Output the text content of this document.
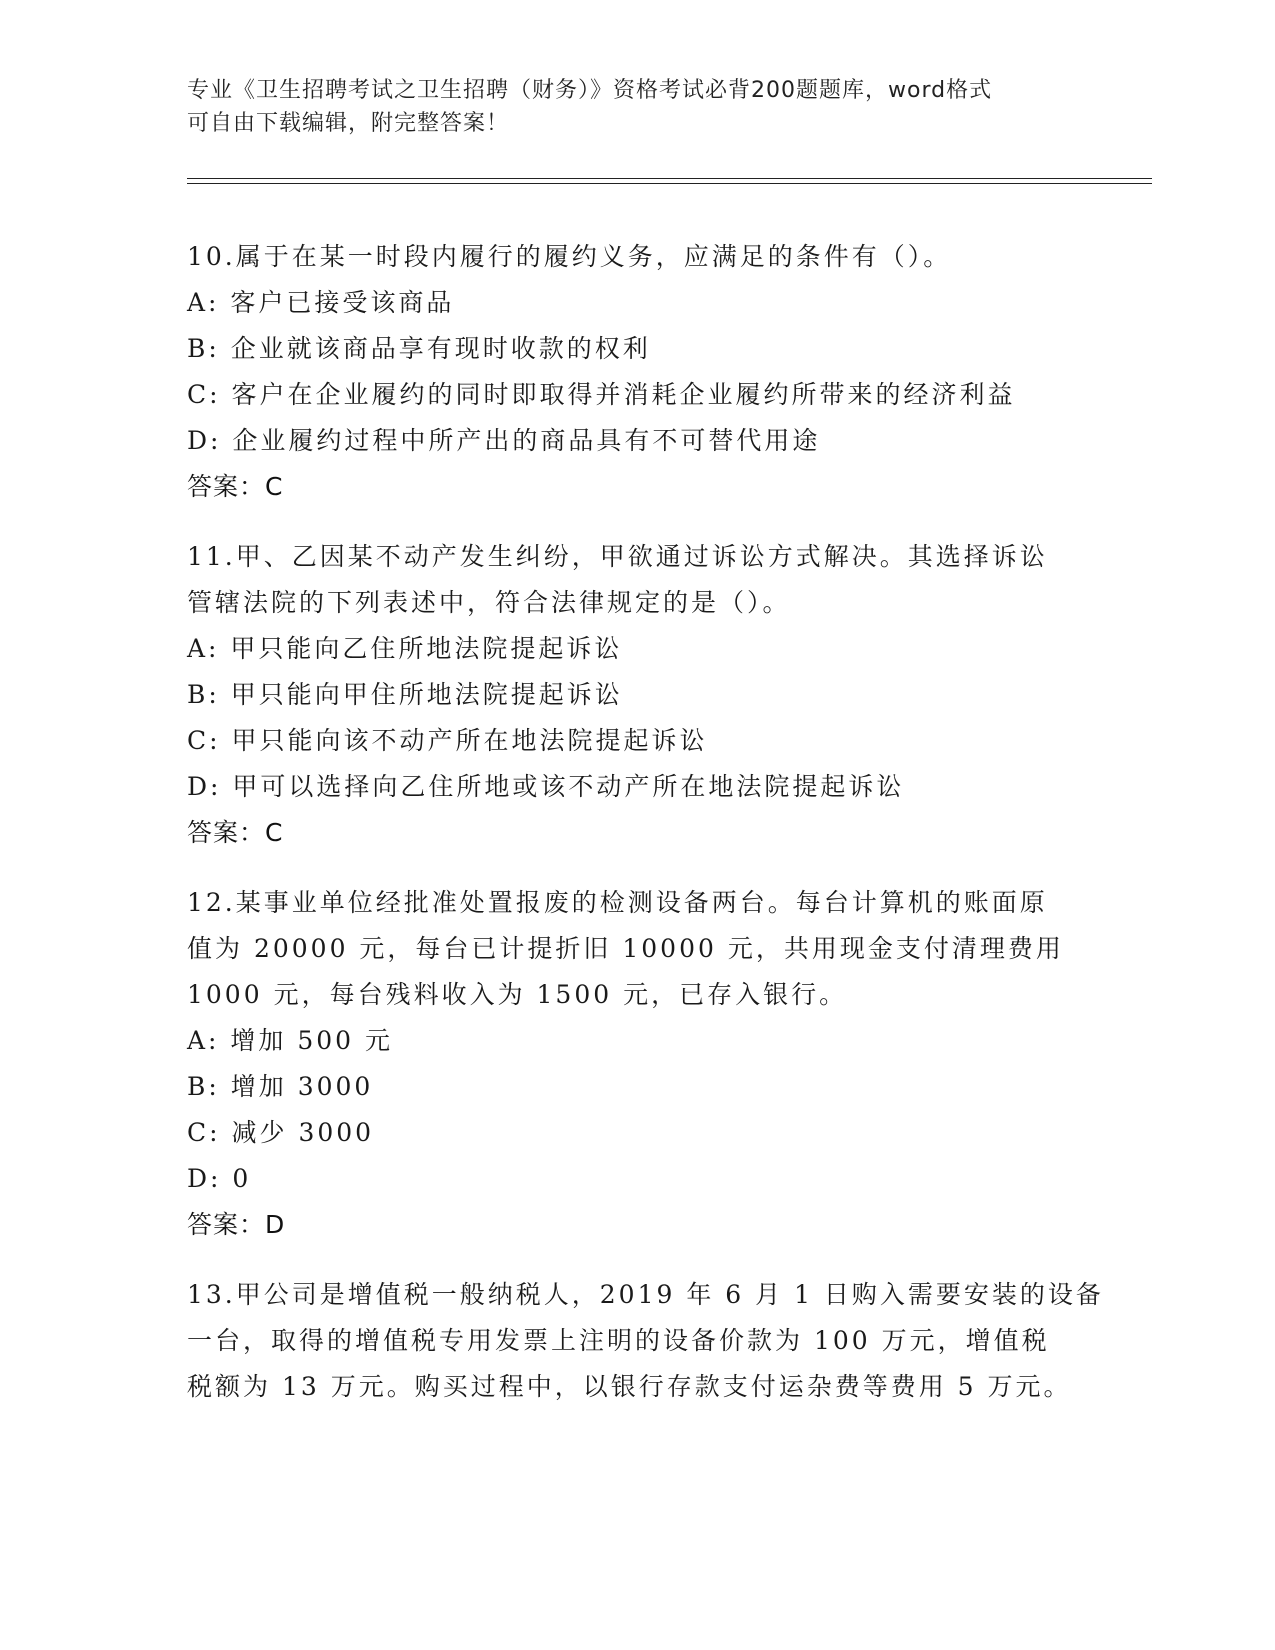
专业《卫生招聘考试之卫生招聘（财务）》资格考试必背200题题库，word格式
可自由下载编辑，附完整答案！
10.属于在某一时段内履行的履约义务，应满足的条件有（）。
A: 客户已接受该商品
B: 企业就该商品享有现时收款的权利
C: 客户在企业履约的同时即取得并消耗企业履约所带来的经济利益
D: 企业履约过程中所产出的商品具有不可替代用途
答案：C
11.甲、乙因某不动产发生纠纷，甲欲通过诉讼方式解决。其选择诉讼
管辖法院的下列表述中，符合法律规定的是（）。
A: 甲只能向乙住所地法院提起诉讼
B: 甲只能向甲住所地法院提起诉讼
C: 甲只能向该不动产所在地法院提起诉讼
D: 甲可以选择向乙住所地或该不动产所在地法院提起诉讼
答案：C
12.某事业单位经批准处置报废的检测设备两台。每台计算机的账面原
值为 20000 元，每台已计提折旧 10000 元，共用现金支付清理费用
1000 元，每台残料收入为 1500 元，已存入银行。
A: 增加 500 元
B: 增加 3000
C: 减少 3000
D: 0
答案：D
13.甲公司是增值税一般纳税人，2019 年 6 月 1 日购入需要安装的设备
一台，取得的增值税专用发票上注明的设备价款为 100 万元，增值税
税额为 13 万元。购买过程中，以银行存款支付运杂费等费用 5 万元。
